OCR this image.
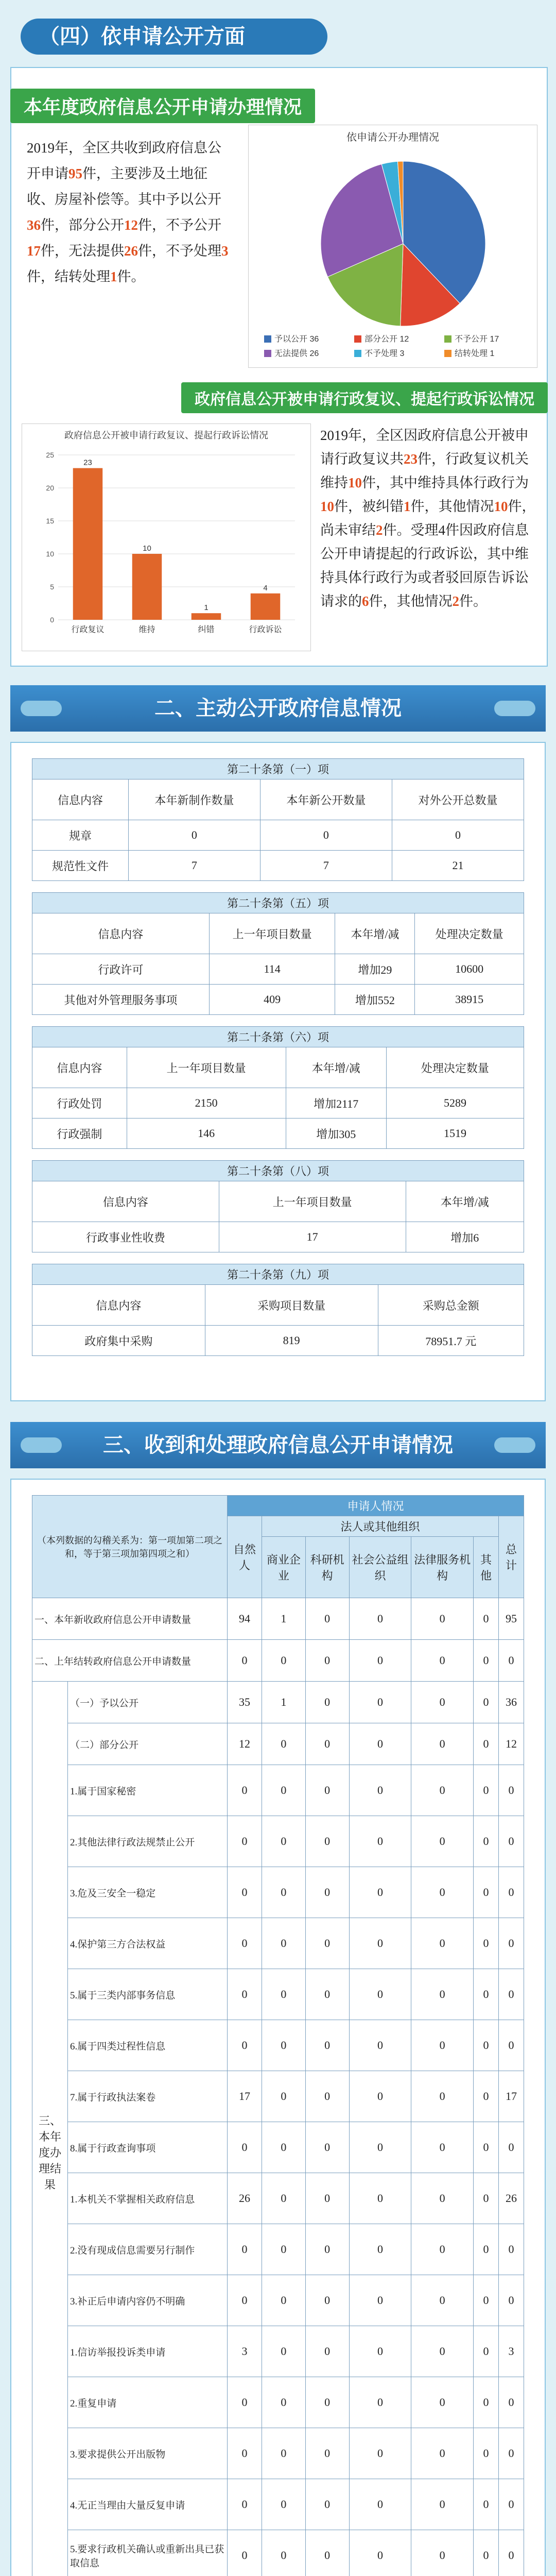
（四）依申请公开方面
本年度政府信息公开申请办理情况
2019年，全区共收到政府信息公开申请95件，主要涉及土地征收、房屋补偿等。其中予以公开36件，部分公开12件，不予公开17件，无法提供26件，不予处理3件，结转处理1件。
依申请公开办理情况
予以公开 36	部分公开 12	不予公开 17
无法提供 26	不予处理 3	结转处理 1
政府信息公开被申请行政复议、提起行政诉讼情况
政府信息公开被申请行政复议、提起行政诉讼情况
0
5
10
15
20
25
23
行政复议
10
维持
1
纠错
4
行政诉讼
2019年，全区因政府信息公开被申请行政复议共23件，行政复议机关维持10件，其中维持具体行政行为10件，被纠错1件，其他情况10件，尚未审结2件。受理4件因政府信息公开申请提起的行政诉讼，其中维持具体行政行为或者驳回原告诉讼请求的6件，其他情况2件。
二、主动公开政府信息情况
第二十条第（一）项			
信息内容	本年新制作数量	本年新公开数量	对外公开总数量
规章	0	0	0
规范性文件	7	7	21
第二十条第（五）项			
信息内容	上一年项目数量	本年增/减	处理决定数量
行政许可	114	增加29	10600
其他对外管理服务事项	409	增加552	38915
第二十条第（六）项			
信息内容	上一年项目数量	本年增/减	处理决定数量
行政处罚	2150	增加2117	5289
行政强制	146	增加305	1519
第二十条第（八）项		
信息内容	上一年项目数量	本年增/减
行政事业性收费	17	增加6
第二十条第（九）项		
信息内容	采购项目数量	采购总金额
政府集中采购	819	78951.7 元
三、收到和处理政府信息公开申请情况
（本列数据的勾稽关系为：第一项加第二项之和，等于第三项加第四项之和）		申请人情况						
		自然人	法人或其他组织					总计
			商业企业	科研机构	社会公益组织	法律服务机构	其他	
一、本年新收政府信息公开申请数量		94	1	0	0	0	0	95
二、上年结转政府信息公开申请数量		0	0	0	0	0	0	0
三、本年度办理结果	（一）予以公开	35	1	0	0	0	0	36
	（二）部分公开	12	0	0	0	0	0	12
	1.属于国家秘密	0	0	0	0	0	0	0
	2.其他法律行政法规禁止公开	0	0	0	0	0	0	0
	3.危及三安全一稳定	0	0	0	0	0	0	0
	4.保护第三方合法权益	0	0	0	0	0	0	0
	5.属于三类内部事务信息	0	0	0	0	0	0	0
	6.属于四类过程性信息	0	0	0	0	0	0	0
	7.属于行政执法案卷	17	0	0	0	0	0	17
	8.属于行政查询事项	0	0	0	0	0	0	0
	1.本机关不掌握相关政府信息	26	0	0	0	0	0	26
	2.没有现成信息需要另行制作	0	0	0	0	0	0	0
	3.补正后申请内容仍不明确	0	0	0	0	0	0	0
	1.信访举报投诉类申请	3	0	0	0	0	0	3
	2.重复申请	0	0	0	0	0	0	0
	3.要求提供公开出版物	0	0	0	0	0	0	0
	4.无正当理由大量反复申请	0	0	0	0	0	0	0
	5.要求行政机关确认或重新出具已获取信息	0	0	0	0	0	0	0
